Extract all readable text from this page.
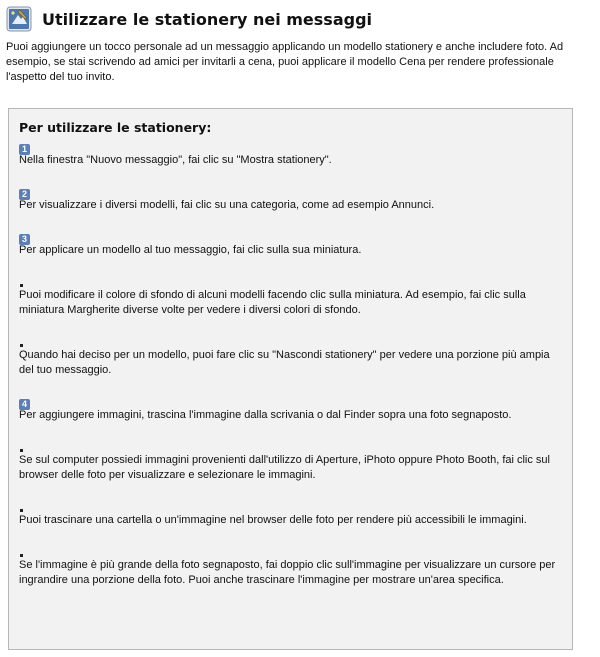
Utilizzare le stationery nei messaggi
Puoi aggiungere un tocco personale ad un messaggio applicando un modello stationery e anche includere foto. Ad esempio, se stai scrivendo ad amici per invitarli a cena, puoi applicare il modello Cena per rendere professionale l'aspetto del tuo invito.
Per utilizzare le stationery:
1
Nella finestra "Nuovo messaggio", fai clic su "Mostra stationery".
2
Per visualizzare i diversi modelli, fai clic su una categoria, come ad esempio Annunci.
3
Per applicare un modello al tuo messaggio, fai clic sulla sua miniatura.
Puoi modificare il colore di sfondo di alcuni modelli facendo clic sulla miniatura. Ad esempio, fai clic sulla miniatura Margherite diverse volte per vedere i diversi colori di sfondo.
Quando hai deciso per un modello, puoi fare clic su "Nascondi stationery" per vedere una porzione più ampia del tuo messaggio.
4
Per aggiungere immagini, trascina l'immagine dalla scrivania o dal Finder sopra una foto segnaposto.
Se sul computer possiedi immagini provenienti dall'utilizzo di Aperture, iPhoto oppure Photo Booth, fai clic sul browser delle foto per visualizzare e selezionare le immagini.
Puoi trascinare una cartella o un'immagine nel browser delle foto per rendere più accessibili le immagini.
Se l'immagine è più grande della foto segnaposto, fai doppio clic sull'immagine per visualizzare un cursore per ingrandire una porzione della foto. Puoi anche trascinare l'immagine per mostrare un'area specifica.
